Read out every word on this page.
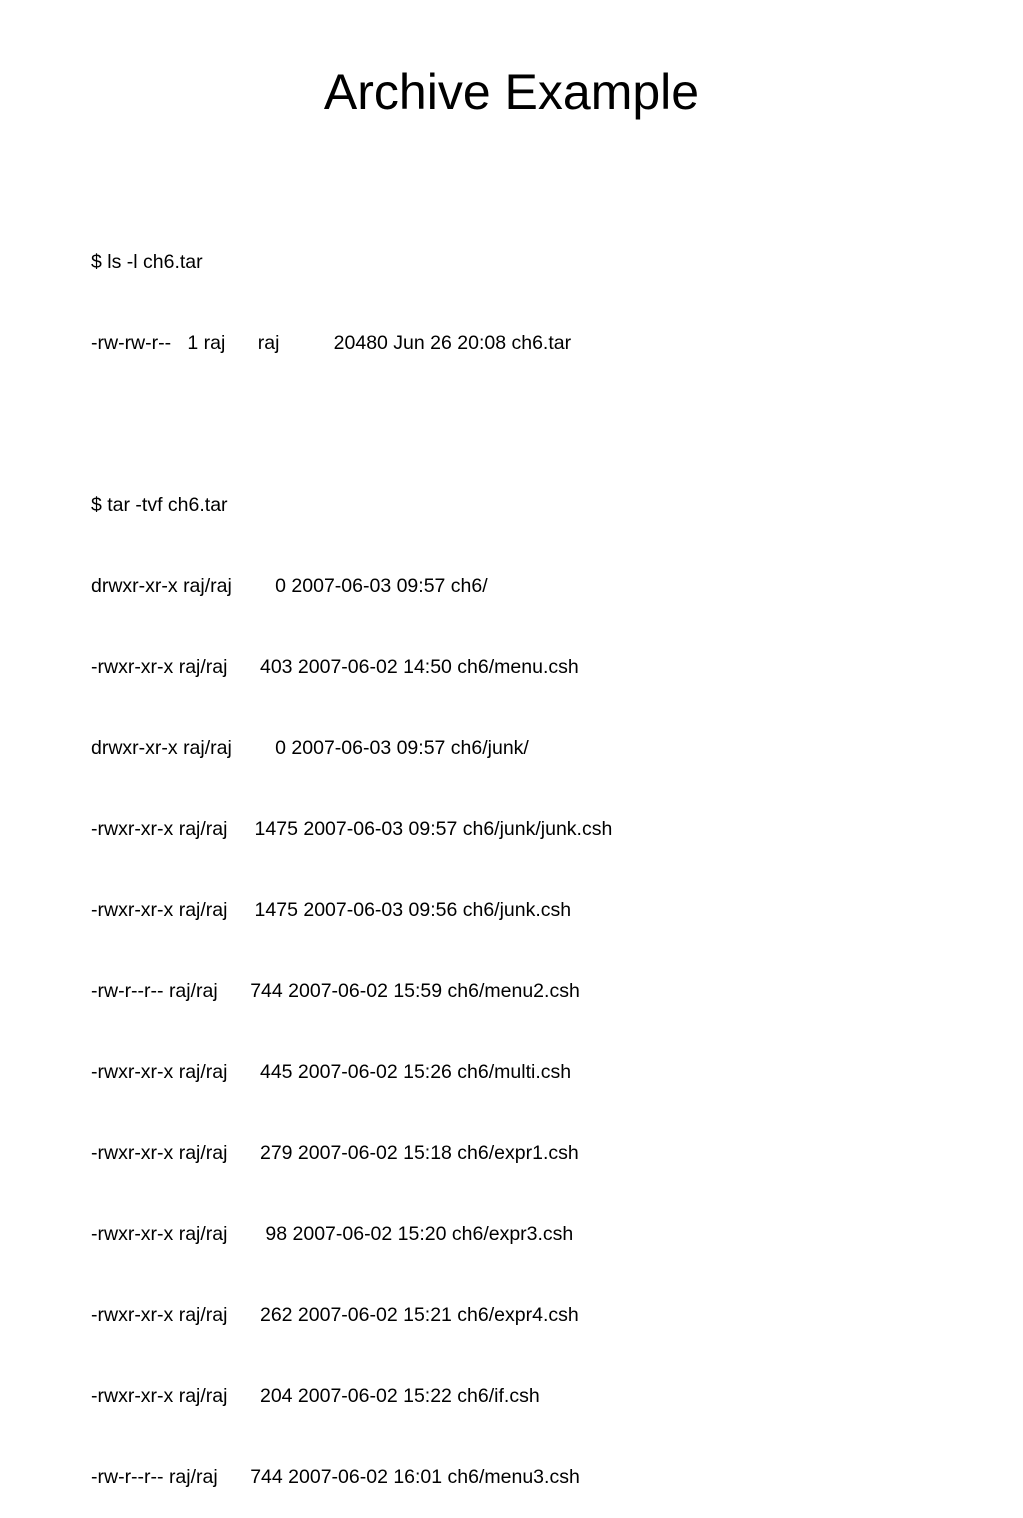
Archive Example

$ ls -l ch6.tar

-rw-rw-r--   1 raj      raj          20480 Jun 26 20:08 ch6.tar

$ tar -tvf ch6.tar

drwxr-xr-x raj/raj        0 2007-06-03 09:57 ch6/

-rwxr-xr-x raj/raj      403 2007-06-02 14:50 ch6/menu.csh

drwxr-xr-x raj/raj        0 2007-06-03 09:57 ch6/junk/

-rwxr-xr-x raj/raj     1475 2007-06-03 09:57 ch6/junk/junk.csh

-rwxr-xr-x raj/raj     1475 2007-06-03 09:56 ch6/junk.csh

-rw-r--r-- raj/raj      744 2007-06-02 15:59 ch6/menu2.csh

-rwxr-xr-x raj/raj      445 2007-06-02 15:26 ch6/multi.csh

-rwxr-xr-x raj/raj      279 2007-06-02 15:18 ch6/expr1.csh

-rwxr-xr-x raj/raj       98 2007-06-02 15:20 ch6/expr3.csh

-rwxr-xr-x raj/raj      262 2007-06-02 15:21 ch6/expr4.csh

-rwxr-xr-x raj/raj      204 2007-06-02 15:22 ch6/if.csh

-rw-r--r-- raj/raj      744 2007-06-02 16:01 ch6/menu3.csh
